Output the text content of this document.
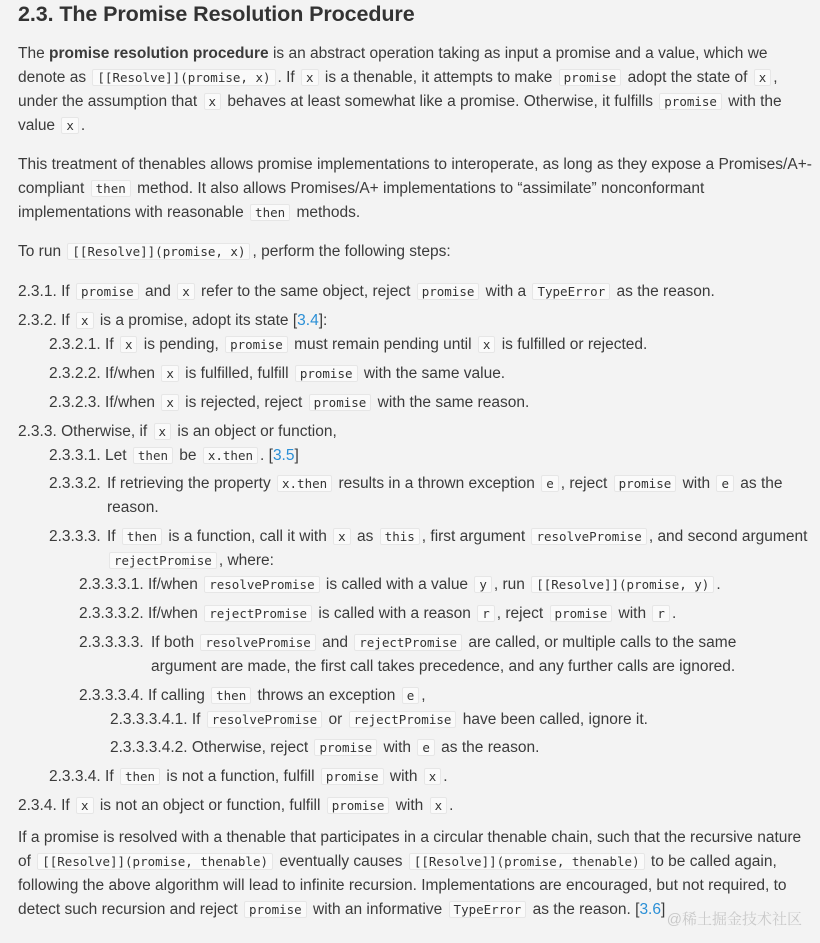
2.3. The Promise Resolution Procedure

The promise resolution procedure is an abstract operation taking as input a promise and a value, which we denote as [[Resolve]](promise, x) . If x is a thenable, it attempts to make promise adopt the state of x , under the assumption that x behaves at least somewhat like a promise. Otherwise, it fulfills promise with the value x .

This treatment of thenables allows promise implementations to interoperate, as long as they expose a Promises/A+-compliant then method. It also allows Promises/A+ implementations to “assimilate” nonconformant implementations with reasonable then methods.

To run [[Resolve]](promise, x) , perform the following steps:

2.3.1. If promise and x refer to the same object, reject promise with a TypeError as the reason.
2.3.2. If x is a promise, adopt its state [3.4]:
2.3.2.1. If x is pending, promise must remain pending until x is fulfilled or rejected.
2.3.2.2. If/when x is fulfilled, fulfill promise with the same value.
2.3.2.3. If/when x is rejected, reject promise with the same reason.
2.3.3. Otherwise, if x is an object or function,
2.3.3.1. Let then be x.then . [3.5]
2.3.3.2. If retrieving the property x.then results in a thrown exception e , reject promise with e as the reason.
2.3.3.3. If then is a function, call it with x as this , first argument resolvePromise , and second argument rejectPromise , where:
2.3.3.3.1. If/when resolvePromise is called with a value y , run [[Resolve]](promise, y) .
2.3.3.3.2. If/when rejectPromise is called with a reason r , reject promise with r .
2.3.3.3.3. If both resolvePromise and rejectPromise are called, or multiple calls to the same argument are made, the first call takes precedence, and any further calls are ignored.
2.3.3.3.4. If calling then throws an exception e ,
2.3.3.3.4.1. If resolvePromise or rejectPromise have been called, ignore it.
2.3.3.3.4.2. Otherwise, reject promise with e as the reason.
2.3.3.4. If then is not a function, fulfill promise with x .
2.3.4. If x is not an object or function, fulfill promise with x .

If a promise is resolved with a thenable that participates in a circular thenable chain, such that the recursive nature of [[Resolve]](promise, thenable) eventually causes [[Resolve]](promise, thenable) to be called again, following the above algorithm will lead to infinite recursion. Implementations are encouraged, but not required, to detect such recursion and reject promise with an informative TypeError as the reason. [3.6]

@稀土掘金技术社区
